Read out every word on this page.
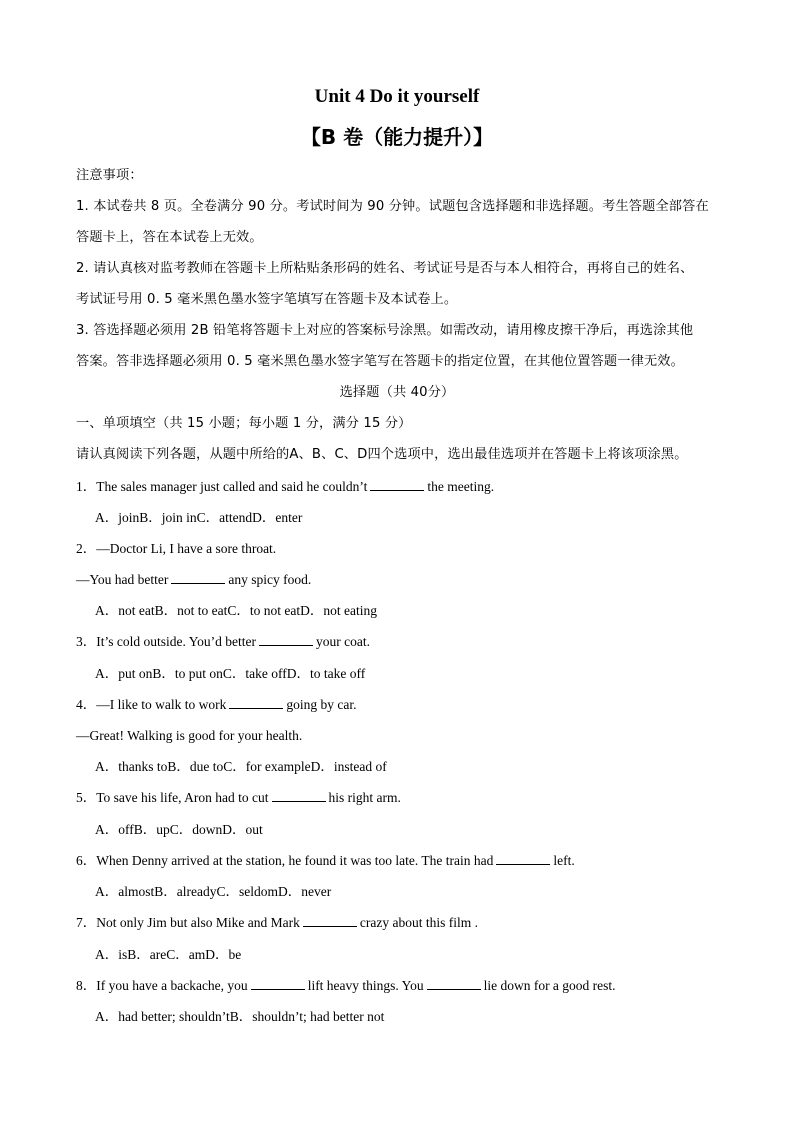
Unit 4 Do it yourself
【B 卷（能力提升）】
注意事项：
1. 本试卷共 8 页。全卷满分 90 分。考试时间为 90 分钟。试题包含选择题和非选择题。考生答题全部答在
答题卡上，答在本试卷上无效。
2. 请认真核对监考教师在答题卡上所粘贴条形码的姓名、考试证号是否与本人相符合，再将自己的姓名、
考试证号用 0. 5 毫米黑色墨水签字笔填写在答题卡及本试卷上。
3. 答选择题必须用 2B 铅笔将答题卡上对应的答案标号涂黑。如需改动，请用橡皮擦干净后，再选涂其他
答案。答非选择题必须用 0. 5 毫米黑色墨水签字笔写在答题卡的指定位置，在其他位置答题一律无效。
选择题（共 40分）
一、单项填空（共 15 小题；每小题 1 分，满分 15 分）
请认真阅读下列各题，从题中所给的A、B、C、D四个选项中，选出最佳选项并在答题卡上将该项涂黑。
1．The sales manager just called and said he couldn’t	the meeting.
A．joinB．join inC．attendD．enter
2．—Doctor Li, I have a sore throat.
—You had better	any spicy food.
A．not eatB．not to eatC．to not eatD．not eating
3．It’s cold outside. You’d better	your coat.
A．put onB．to put onC．take offD．to take off
4．—I like to walk to work	going by car.
—Great! Walking is good for your health.
A．thanks toB．due toC．for exampleD．instead of
5．To save his life, Aron had to cut	his right arm.
A．offB．upC．downD．out
6．When Denny arrived at the station, he found it was too late. The train had	left.
A．almostB．alreadyC．seldomD．never
7．Not only Jim but also Mike and Mark	crazy about this film .
A．isB．areC．amD．be
8．If you have a backache, you	lift heavy things. You	lie down for a good rest.
A．had better; shouldn’tB．shouldn’t; had better not
